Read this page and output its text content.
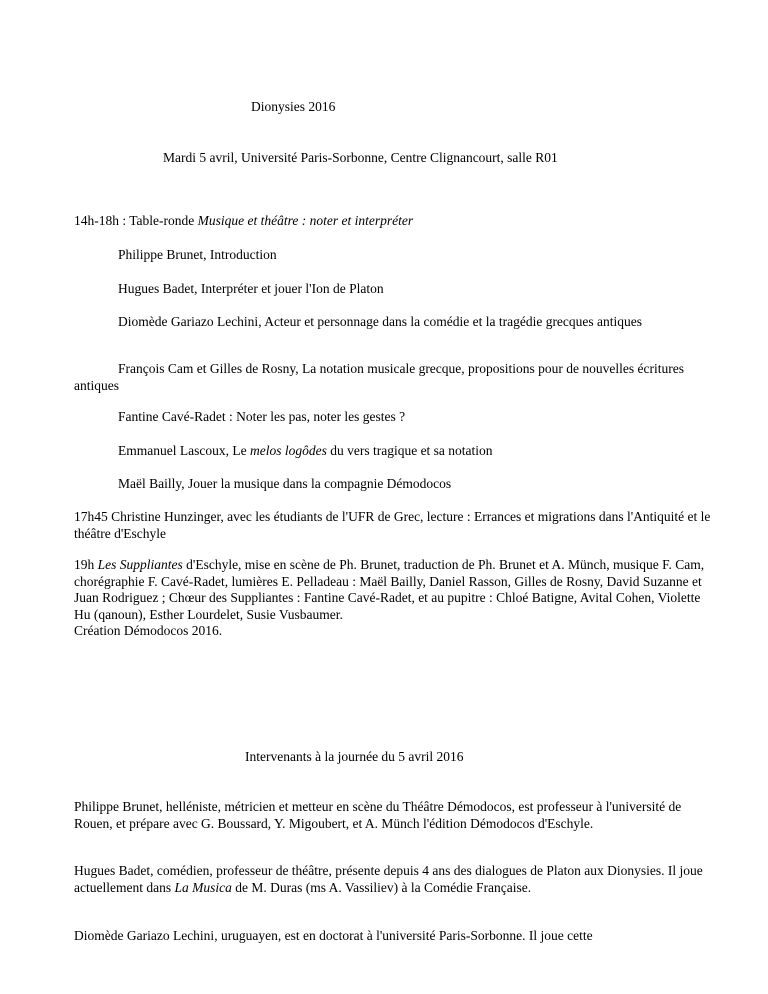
Dionysies 2016
Mardi 5 avril, Université Paris-Sorbonne, Centre Clignancourt, salle R01
14h-18h : Table-ronde Musique et théâtre : noter et interpréter
Philippe Brunet, Introduction
Hugues Badet, Interpréter et jouer l'Ion de Platon
Diomède Gariazo Lechini, Acteur et personnage dans la comédie et la tragédie grecques antiques
François Cam et Gilles de Rosny, La notation musicale grecque, propositions pour de nouvelles écritures antiques
Fantine Cavé-Radet : Noter les pas, noter les gestes ?
Emmanuel Lascoux, Le melos logôdes du vers tragique et sa notation
Maël Bailly, Jouer la musique dans la compagnie Démodocos
17h45 Christine Hunzinger, avec les étudiants de l'UFR de Grec, lecture : Errances et migrations dans l'Antiquité et le théâtre d'Eschyle
19h Les Suppliantes d'Eschyle, mise en scène de Ph. Brunet, traduction de Ph. Brunet et A. Münch, musique F. Cam, chorégraphie F. Cavé-Radet, lumières E. Pelladeau : Maël Bailly, Daniel Rasson, Gilles de Rosny, David Suzanne et Juan Rodriguez ; Chœur des Suppliantes : Fantine Cavé-Radet, et au pupitre : Chloé Batigne, Avital Cohen, Violette Hu (qanoun), Esther Lourdelet, Susie Vusbaumer.
Création Démodocos 2016.
Intervenants à la journée du 5 avril 2016
Philippe Brunet, helléniste, métricien et metteur en scène du Théâtre Démodocos, est professeur à l'université de Rouen, et prépare avec G. Boussard, Y. Migoubert, et A. Münch l'édition Démodocos d'Eschyle.
Hugues Badet, comédien, professeur de théâtre, présente depuis 4 ans des dialogues de Platon aux Dionysies. Il joue actuellement dans La Musica de M. Duras (ms A. Vassiliev) à la Comédie Française.
Diomède Gariazo Lechini, uruguayen, est en doctorat à l'université Paris-Sorbonne. Il joue cette
